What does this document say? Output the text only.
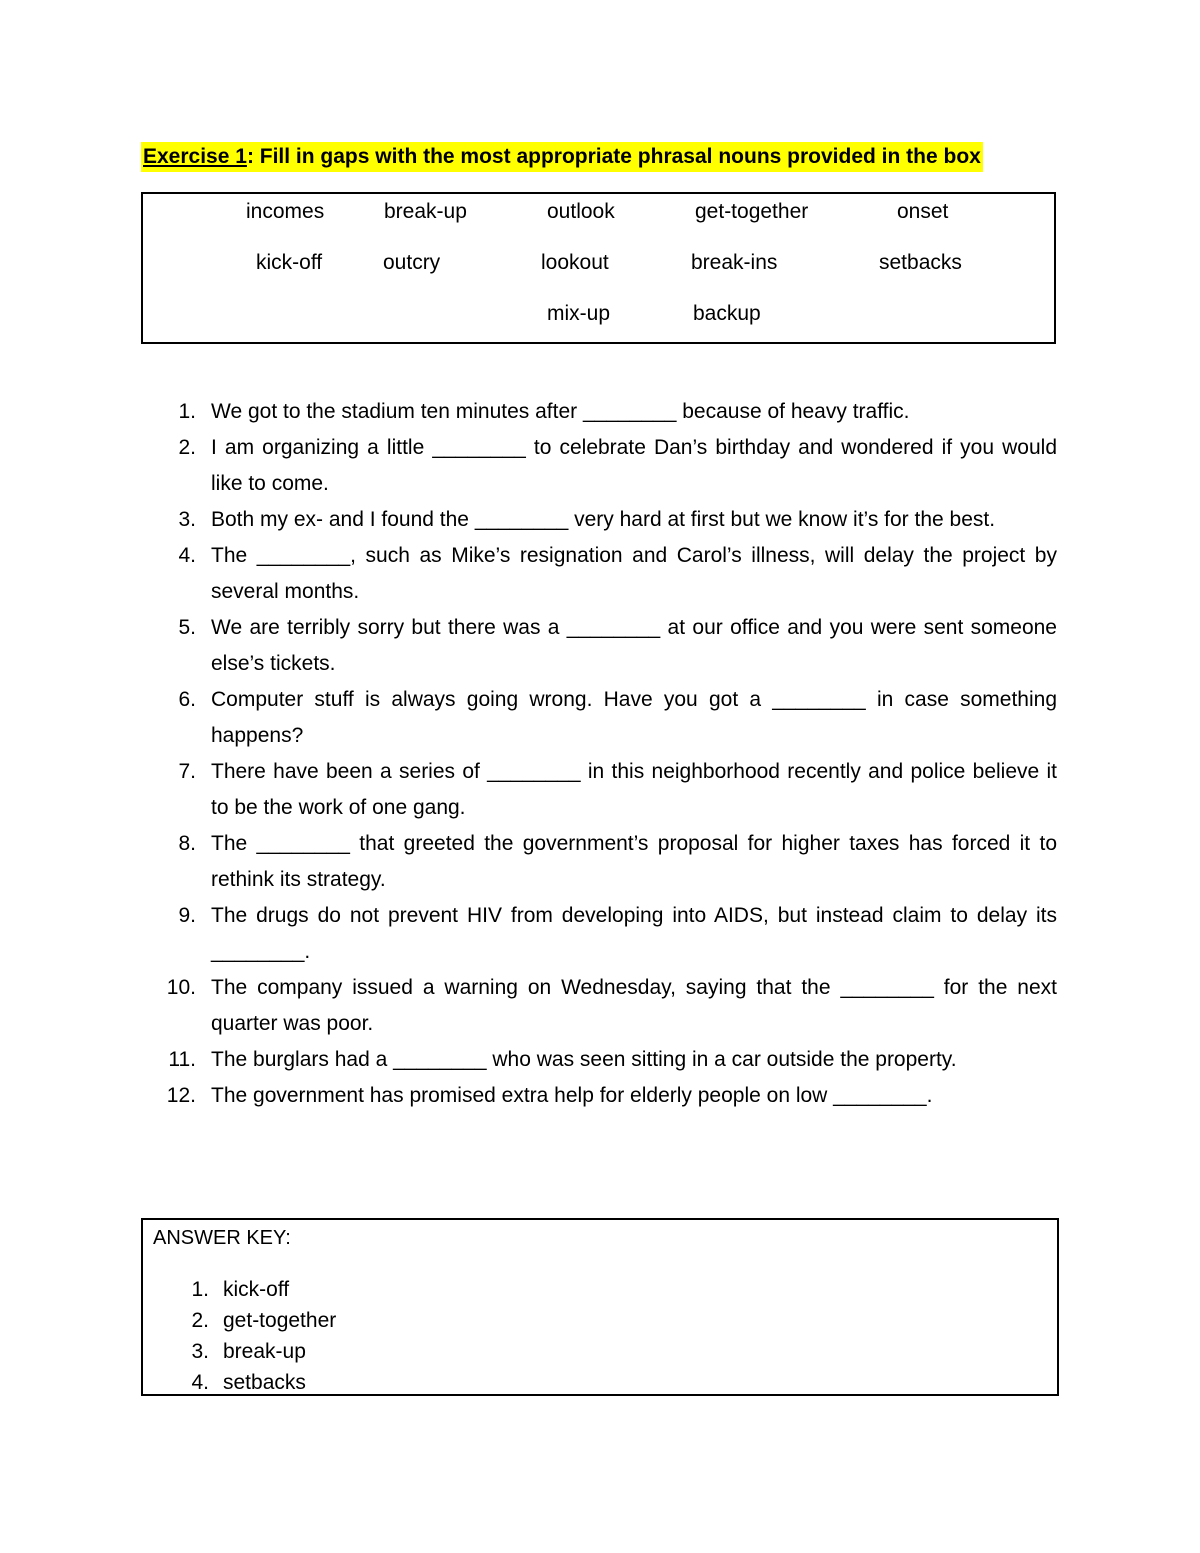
Exercise 1: Fill in gaps with the most appropriate phrasal nouns provided in the box
incomes	break-up	outlook	get-together	onset
kick-off	outcry	lookout	break-ins	setbacks
mix-up	backup
1. We got to the stadium ten minutes after ________ because of heavy traffic.
2. I am organizing a little ________ to celebrate Dan’s birthday and wondered if you would like to come.
3. Both my ex- and I found the ________ very hard at first but we know it’s for the best.
4. The ________, such as Mike’s resignation and Carol’s illness, will delay the project by several months.
5. We are terribly sorry but there was a ________ at our office and you were sent someone else’s tickets.
6. Computer stuff is always going wrong. Have you got a ________ in case something happens?
7. There have been a series of ________ in this neighborhood recently and police believe it to be the work of one gang.
8. The ________ that greeted the government’s proposal for higher taxes has forced it to rethink its strategy.
9. The drugs do not prevent HIV from developing into AIDS, but instead claim to delay its ________.
10. The company issued a warning on Wednesday, saying that the ________ for the next quarter was poor.
11. The burglars had a ________ who was seen sitting in a car outside the property.
12. The government has promised extra help for elderly people on low ________.
ANSWER KEY:
1. kick-off
2. get-together
3. break-up
4. setbacks
